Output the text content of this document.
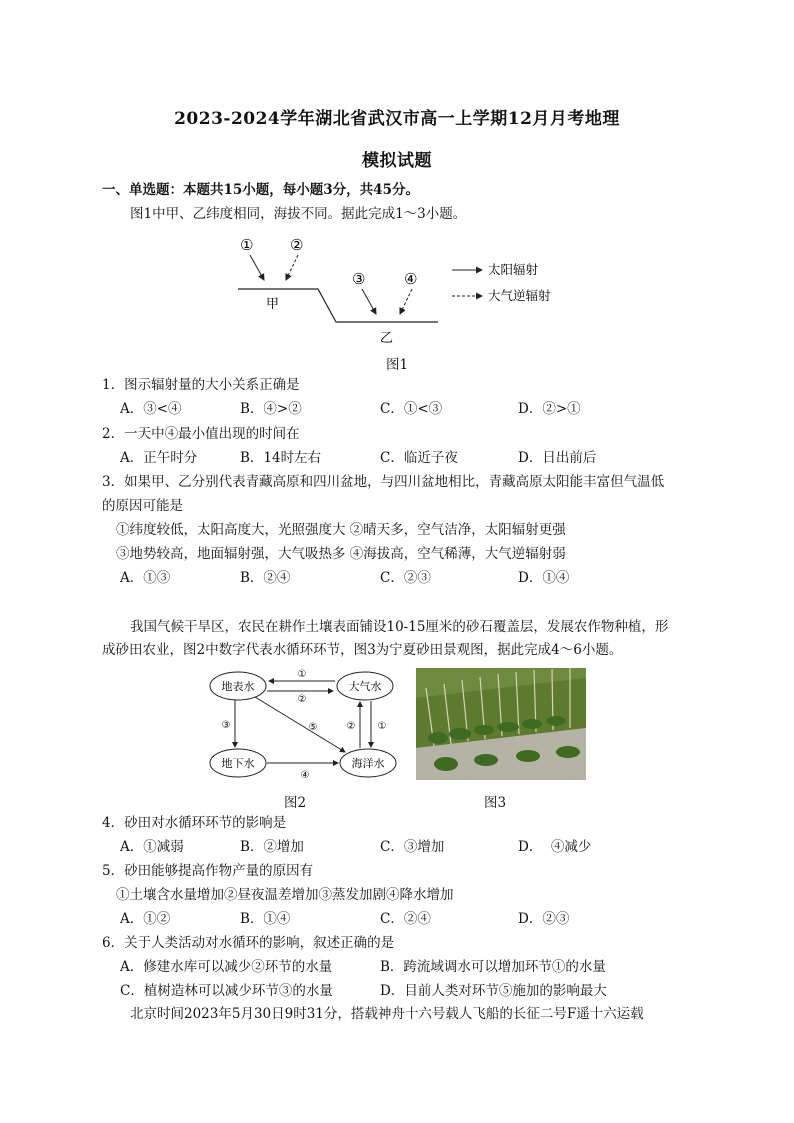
2023-2024学年湖北省武汉市高一上学期12月月考地理
模拟试题
一、单选题：本题共15小题，每小题3分，共45分。
图1中甲、乙纬度相同，海拔不同。据此完成1～3小题。
① ②
③	④
甲
乙
太阳辐射
大气逆辐射
图1
1．图示辐射量的大小关系正确是
A．③<④	B．④>②	C．①<③	D．②>①
2．一天中④最小值出现的时间在
A．正午时分	B．14时左右	C．临近子夜	D．日出前后
3．如果甲、乙分别代表青藏高原和四川盆地，与四川盆地相比，青藏高原太阳能丰富但气温低
的原因可能是
①纬度较低，太阳高度大，光照强度大 ②晴天多，空气洁净，太阳辐射更强
③地势较高，地面辐射强，大气吸热多 ④海拔高，空气稀薄，大气逆辐射弱
A．①③	B．②④	C．②③	D．①④
我国气候干旱区，农民在耕作土壤表面铺设10-15厘米的砂石覆盖层，发展农作物种植，形
成砂田农业，图2中数字代表水循环环节，图3为宁夏砂田景观图，据此完成4～6小题。
地表水	大气水
地下水	海洋水
①
②
③	⑤
④
② ①
图2	图3
4．砂田对水循环环节的影响是
A．①减弱	B．②增加	C．③增加	D．  ④减少
5．砂田能够提高作物产量的原因有
①土壤含水量增加②昼夜温差增加③蒸发加剧④降水增加
A．①②	B．①④	C．②④	D．②③
6．关于人类活动对水循环的影响，叙述正确的是
A．修建水库可以减少②环节的水量	B．跨流域调水可以增加环节①的水量
C．植树造林可以减少环节③的水量	D．目前人类对环节⑤施加的影响最大
北京时间2023年5月30日9时31分，搭载神舟十六号载人飞船的长征二号F遥十六运载
